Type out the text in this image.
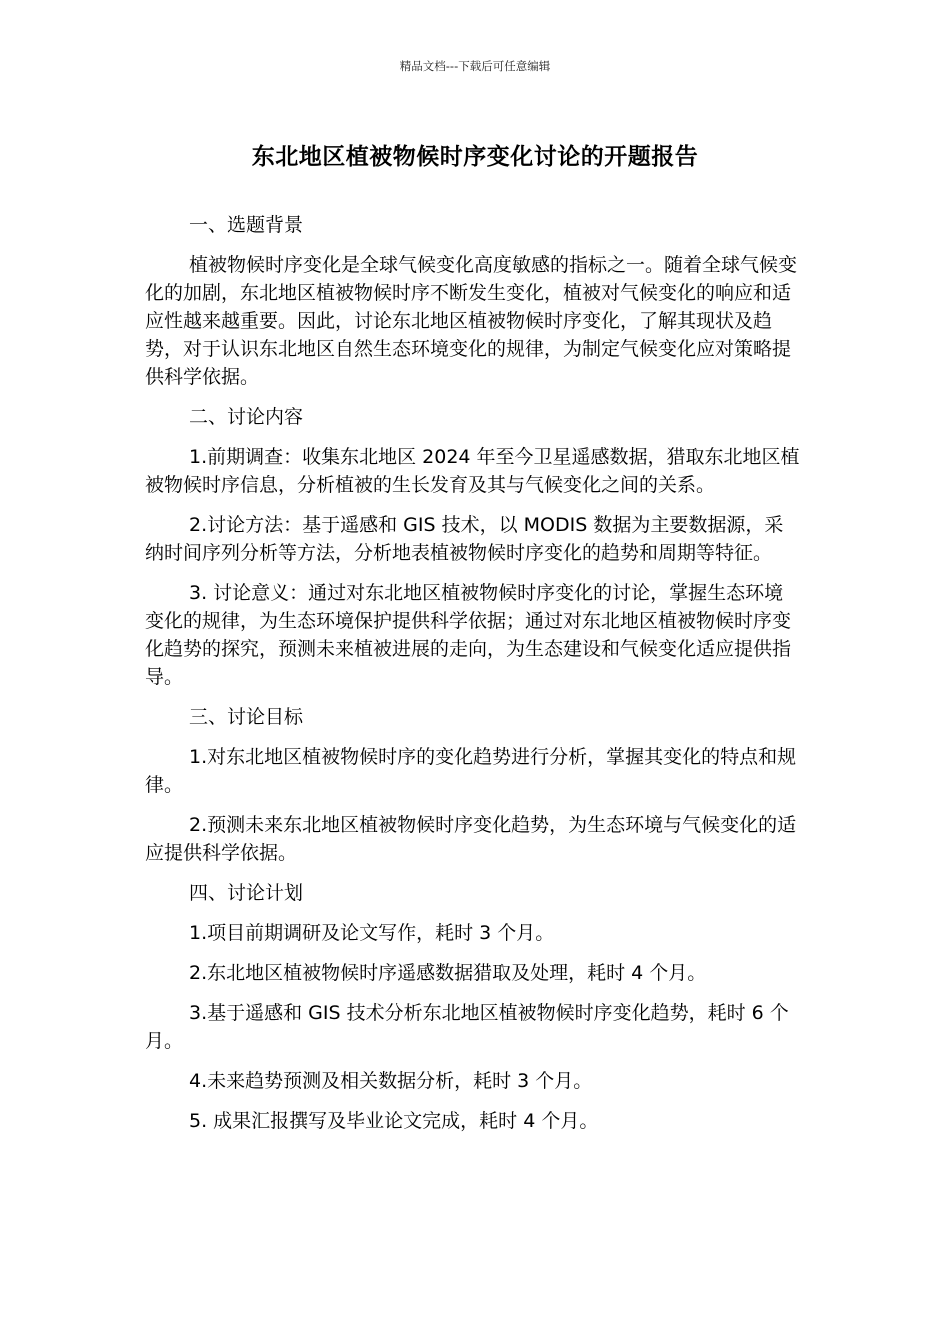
精品文档---下载后可任意编辑
东北地区植被物候时序变化讨论的开题报告

一、选题背景

植被物候时序变化是全球气候变化高度敏感的指标之一。随着全球气候变化的加剧，东北地区植被物候时序不断发生变化，植被对气候变化的响应和适应性越来越重要。因此，讨论东北地区植被物候时序变化，了解其现状及趋势，对于认识东北地区自然生态环境变化的规律，为制定气候变化应对策略提供科学依据。

二、讨论内容

1.前期调查：收集东北地区 2024 年至今卫星遥感数据，猎取东北地区植被物候时序信息，分析植被的生长发育及其与气候变化之间的关系。

2.讨论方法：基于遥感和 GIS 技术，以 MODIS 数据为主要数据源，采纳时间序列分析等方法，分析地表植被物候时序变化的趋势和周期等特征。

3. 讨论意义：通过对东北地区植被物候时序变化的讨论，掌握生态环境变化的规律，为生态环境保护提供科学依据；通过对东北地区植被物候时序变化趋势的探究，预测未来植被进展的走向，为生态建设和气候变化适应提供指导。

三、讨论目标

1.对东北地区植被物候时序的变化趋势进行分析，掌握其变化的特点和规律。

2.预测未来东北地区植被物候时序变化趋势，为生态环境与气候变化的适应提供科学依据。

四、讨论计划

1.项目前期调研及论文写作，耗时 3 个月。

2.东北地区植被物候时序遥感数据猎取及处理，耗时 4 个月。

3.基于遥感和 GIS 技术分析东北地区植被物候时序变化趋势，耗时 6 个月。

4.未来趋势预测及相关数据分析，耗时 3 个月。

5. 成果汇报撰写及毕业论文完成，耗时 4 个月。
